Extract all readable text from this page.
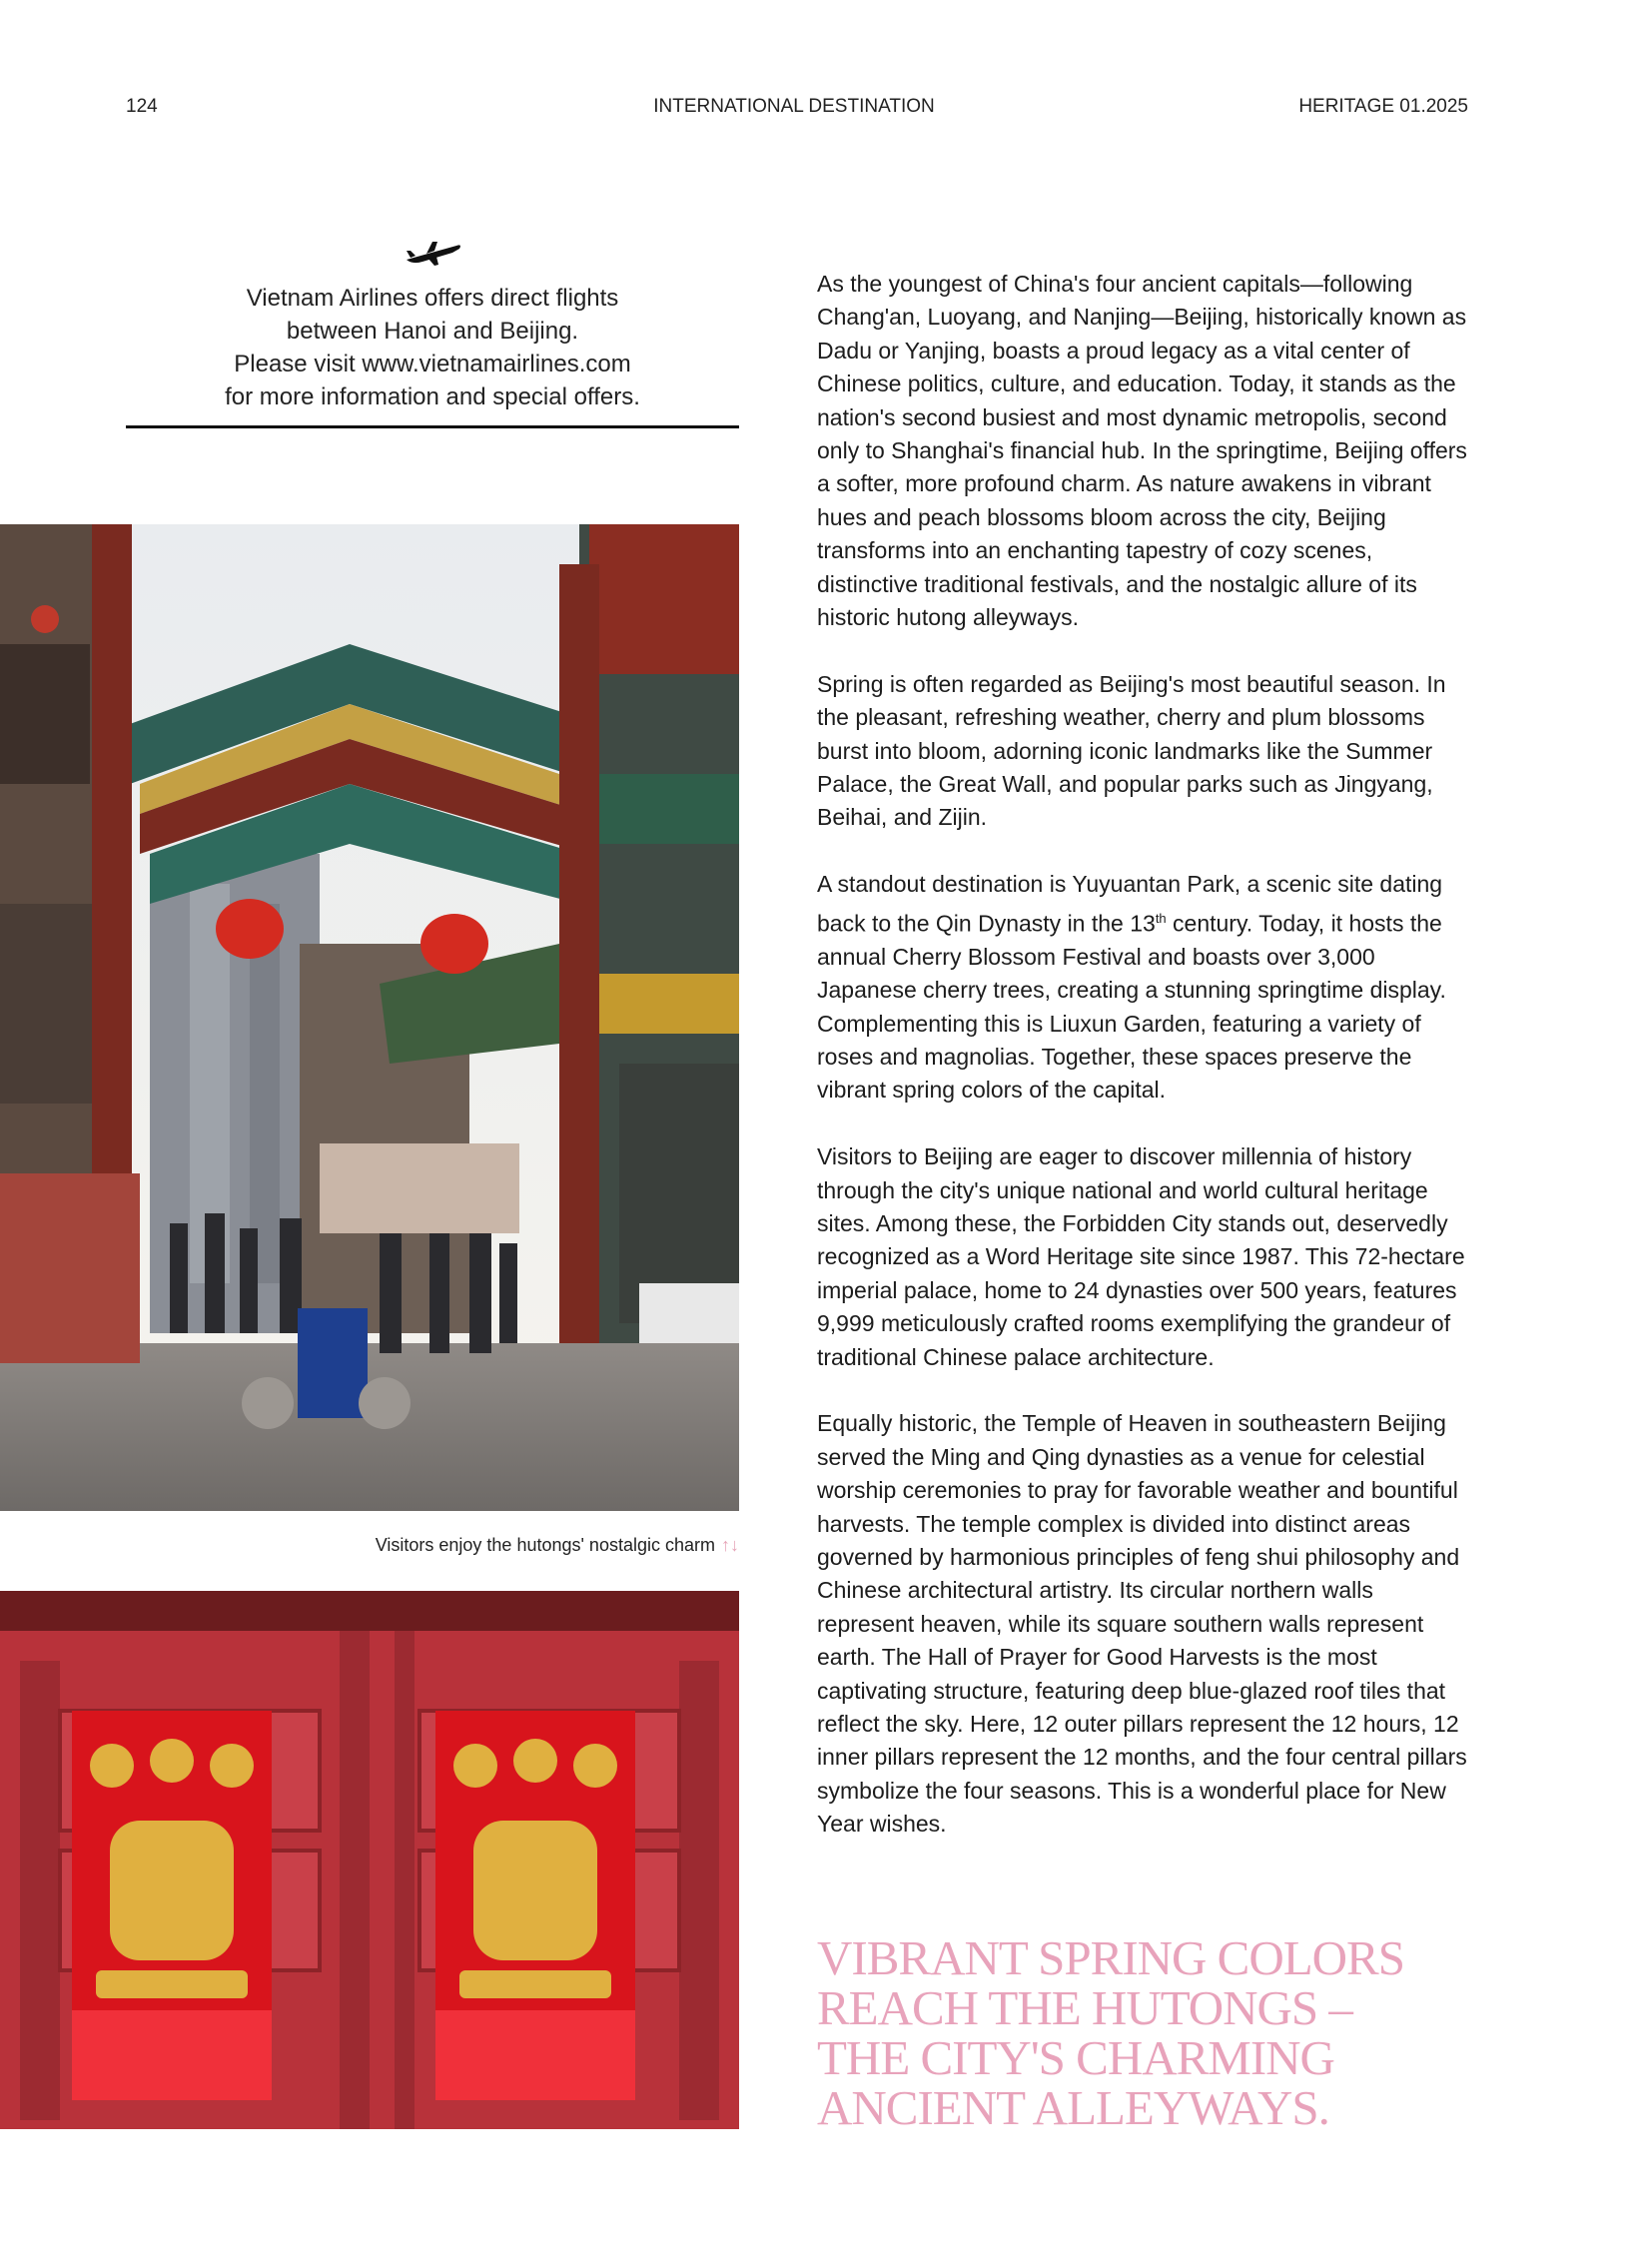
124	INTERNATIONAL DESTINATION	HERITAGE 01.2025

Vietnam Airlines offers direct flights

between Hanoi and Beijing.

Please visit www.vietnamairlines.com

for more information and special offers.

Visitors enjoy the hutongs' nostalgic charm ↑↓

As the youngest of China's four ancient capitals—following Chang'an, Luoyang, and Nanjing—Beijing, historically known as Dadu or Yanjing, boasts a proud legacy as a vital center of Chinese politics, culture, and education. Today, it stands as the nation's second busiest and most dynamic metropolis, second only to Shanghai's financial hub. In the springtime, Beijing offers a softer, more profound charm. As nature awakens in vibrant hues and peach blossoms bloom across the city, Beijing transforms into an enchanting tapestry of cozy scenes, distinctive traditional festivals, and the nostalgic allure of its historic hutong alleyways.

Spring is often regarded as Beijing's most beautiful season. In the pleasant, refreshing weather, cherry and plum blossoms burst into bloom, adorning iconic landmarks like the Summer Palace, the Great Wall, and popular parks such as Jingyang, Beihai, and Zijin.

A standout destination is Yuyuantan Park, a scenic site dating back to the Qin Dynasty in the 13th century. Today, it hosts the annual Cherry Blossom Festival and boasts over 3,000 Japanese cherry trees, creating a stunning springtime display. Complementing this is Liuxun Garden, featuring a variety of roses and magnolias. Together, these spaces preserve the vibrant spring colors of the capital.

Visitors to Beijing are eager to discover millennia of history through the city's unique national and world cultural heritage sites. Among these, the Forbidden City stands out, deservedly recognized as a Word Heritage site since 1987. This 72-hectare imperial palace, home to 24 dynasties over 500 years, features 9,999 meticulously crafted rooms exemplifying the grandeur of traditional Chinese palace architecture.

Equally historic, the Temple of Heaven in southeastern Beijing served the Ming and Qing dynasties as a venue for celestial worship ceremonies to pray for favorable weather and bountiful harvests. The temple complex is divided into distinct areas governed by harmonious principles of feng shui philosophy and Chinese architectural artistry. Its circular northern walls represent heaven, while its square southern walls represent earth. The Hall of Prayer for Good Harvests is the most captivating structure, featuring deep blue-glazed roof tiles that reflect the sky. Here, 12 outer pillars represent the 12 hours, 12 inner pillars represent the 12 months, and the four central pillars symbolize the four seasons. This is a wonderful place for New Year wishes.

VIBRANT SPRING COLORS
REACH THE HUTONGS –
THE CITY'S CHARMING
ANCIENT ALLEYWAYS.
